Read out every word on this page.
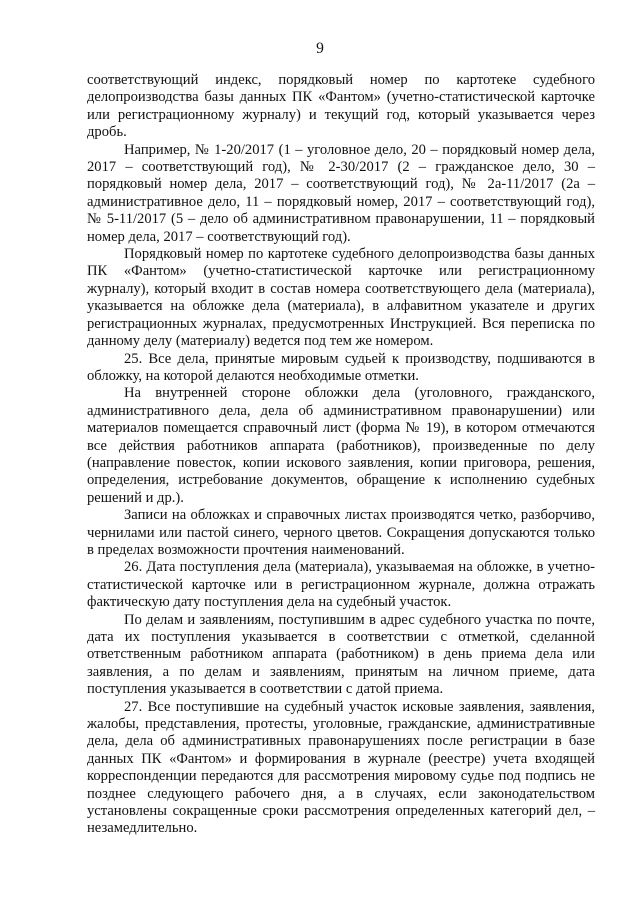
9

соответствующий индекс, порядковый номер по картотеке судебного делопроизводства базы данных ПК «Фантом» (учетно-статистической карточке или регистрационному журналу) и текущий год, который указывается через дробь.

Например, № 1-20/2017 (1 – уголовное дело, 20 – порядковый номер дела, 2017 – соответствующий год), № 2-30/2017 (2 – гражданское дело, 30 – порядковый номер дела, 2017 – соответствующий год), № 2а-11/2017 (2а – административное дело, 11 – порядковый номер, 2017 – соответствующий год), № 5-11/2017 (5 – дело об административном правонарушении, 11 – порядковый номер дела, 2017 – соответствующий год).

Порядковый номер по картотеке судебного делопроизводства базы данных ПК «Фантом» (учетно-статистической карточке или регистрационному журналу), который входит в состав номера соответствующего дела (материала), указывается на обложке дела (материала), в алфавитном указателе и других регистрационных журналах, предусмотренных Инструкцией. Вся переписка по данному делу (материалу) ведется под тем же номером.

25. Все дела, принятые мировым судьей к производству, подшиваются в обложку, на которой делаются необходимые отметки.

На внутренней стороне обложки дела (уголовного, гражданского, административного дела, дела об административном правонарушении) или материалов помещается справочный лист (форма № 19), в котором отмечаются все действия работников аппарата (работников), произведенные по делу (направление повесток, копии искового заявления, копии приговора, решения, определения, истребование документов, обращение к исполнению судебных решений и др.).

Записи на обложках и справочных листах производятся четко, разборчиво, чернилами или пастой синего, черного цветов. Сокращения допускаются только в пределах возможности прочтения наименований.

26. Дата поступления дела (материала), указываемая на обложке, в учетно-статистической карточке или в регистрационном журнале, должна отражать фактическую дату поступления дела на судебный участок.

По делам и заявлениям, поступившим в адрес судебного участка по почте, дата их поступления указывается в соответствии с отметкой, сделанной ответственным работником аппарата (работником) в день приема дела или заявления, а по делам и заявлениям, принятым на личном приеме, дата поступления указывается в соответствии с датой приема.

27. Все поступившие на судебный участок исковые заявления, заявления, жалобы, представления, протесты, уголовные, гражданские, административные дела, дела об административных правонарушениях после регистрации в базе данных ПК «Фантом» и формирования в журнале (реестре) учета входящей корреспонденции передаются для рассмотрения мировому судье под подпись не позднее следующего рабочего дня, а в случаях, если законодательством установлены сокращенные сроки рассмотрения определенных категорий дел, – незамедлительно.
